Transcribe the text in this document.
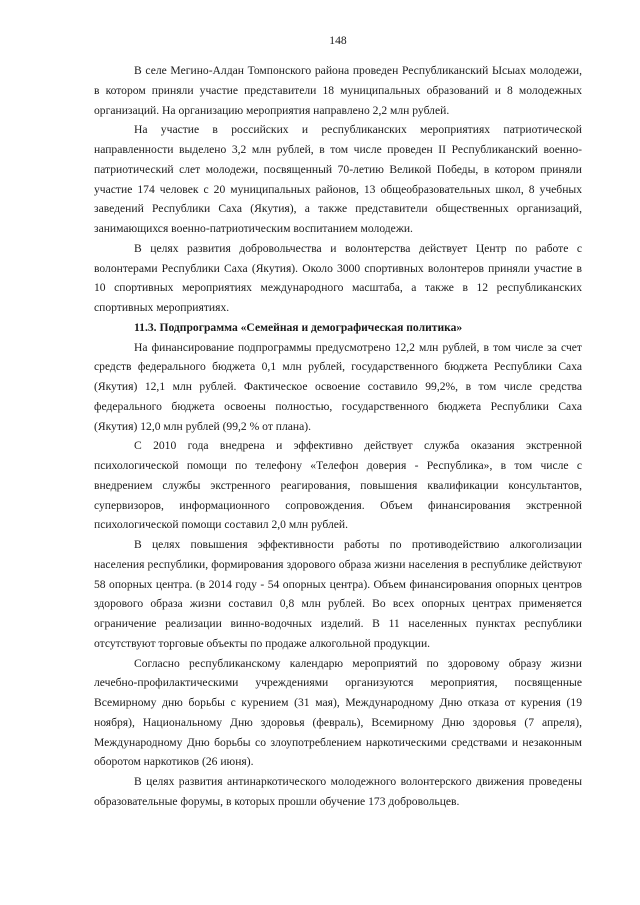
148

В селе Мегино-Алдан Томпонского района проведен Республиканский Ысыах молодежи, в котором приняли участие представители 18 муниципальных образований и 8 молодежных организаций. На организацию мероприятия направлено 2,2 млн рублей.

На участие в российских и республиканских мероприятиях патриотической направленности выделено 3,2 млн рублей, в том числе проведен II Республиканский военно-патриотический слет молодежи, посвященный 70-летию Великой Победы, в котором приняли участие 174 человек с 20 муниципальных районов, 13 общеобразовательных школ, 8 учебных заведений Республики Саха (Якутия), а также представители общественных организаций, занимающихся военно-патриотическим воспитанием молодежи.

В целях развития добровольчества и волонтерства действует Центр по работе с волонтерами Республики Саха (Якутия). Около 3000 спортивных волонтеров приняли участие в 10 спортивных мероприятиях международного масштаба, а также в 12 республиканских спортивных мероприятиях.

11.3. Подпрограмма «Семейная и демографическая политика»

На финансирование подпрограммы предусмотрено 12,2 млн рублей, в том числе за счет средств федерального бюджета 0,1 млн рублей, государственного бюджета Республики Саха (Якутия) 12,1 млн рублей. Фактическое освоение составило 99,2%, в том числе средства федерального бюджета освоены полностью, государственного бюджета Республики Саха (Якутия) 12,0 млн рублей (99,2 % от плана).

С 2010 года внедрена и эффективно действует служба оказания экстренной психологической помощи по телефону «Телефон доверия - Республика», в том числе с внедрением службы экстренного реагирования, повышения квалификации консультантов, супервизоров, информационного сопровождения. Объем финансирования экстренной психологической помощи составил 2,0 млн рублей.

В целях повышения эффективности работы по противодействию алкоголизации населения республики, формирования здорового образа жизни населения в республике действуют 58 опорных центра. (в 2014 году - 54 опорных центра). Объем финансирования опорных центров здорового образа жизни составил 0,8 млн рублей. Во всех опорных центрах применяется ограничение реализации винно-водочных изделий. В 11 населенных пунктах республики отсутствуют торговые объекты по продаже алкогольной продукции.

Согласно республиканскому календарю мероприятий по здоровому образу жизни лечебно-профилактическими учреждениями организуются мероприятия, посвященные Всемирному дню борьбы с курением (31 мая), Международному Дню отказа от курения (19 ноября), Национальному Дню здоровья (февраль), Всемирному Дню здоровья (7 апреля), Международному Дню борьбы со злоупотреблением наркотическими средствами и незаконным оборотом наркотиков (26 июня).

В целях развития антинаркотического молодежного волонтерского движения проведены образовательные форумы, в которых прошли обучение 173 добровольцев.
